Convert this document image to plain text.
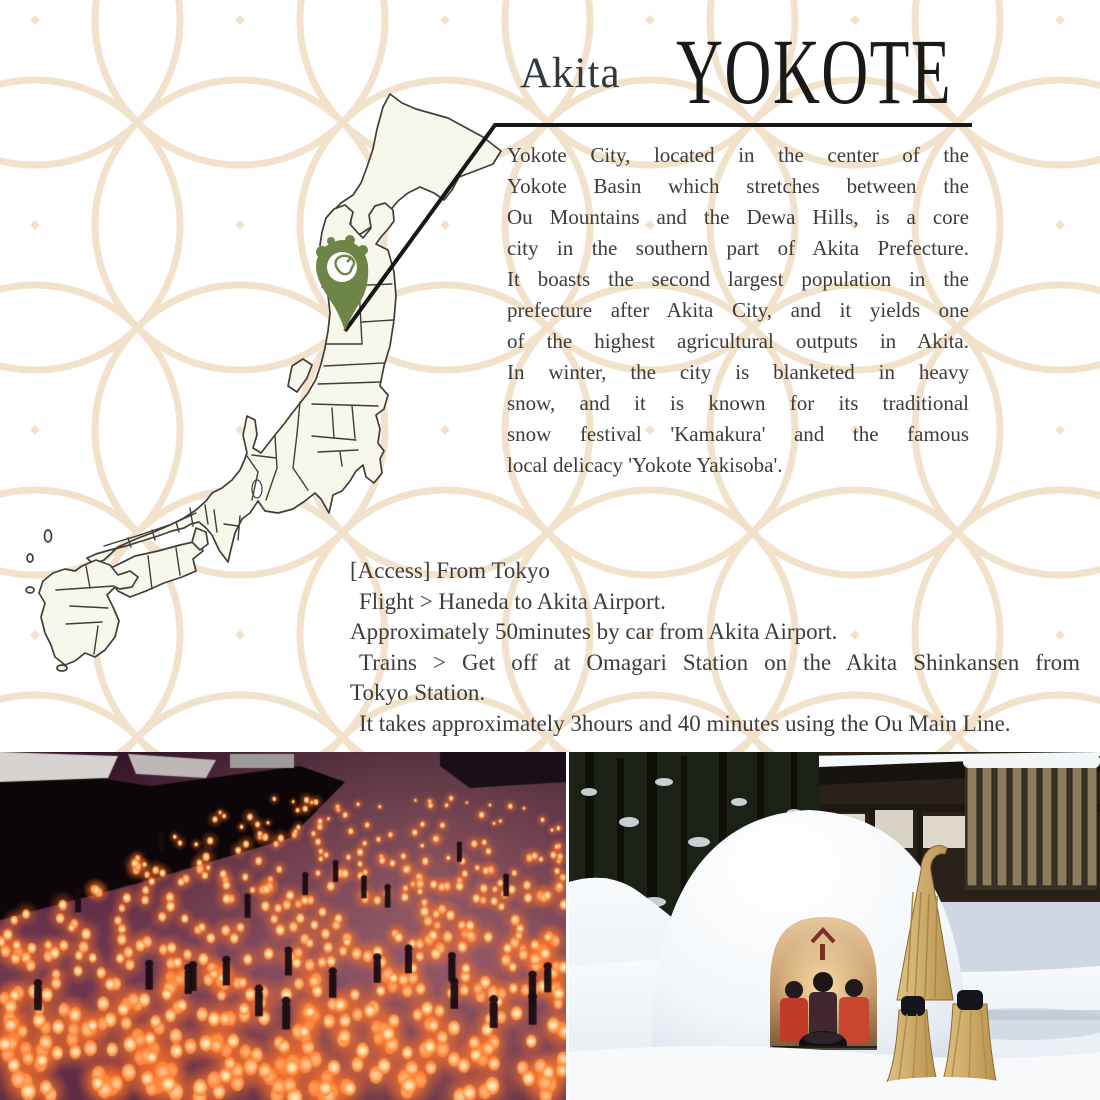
Akita YOKOTE
Yokote City, located in the center of the
Yokote Basin which stretches between the
Ou Mountains and the Dewa Hills, is a core
city in the southern part of Akita Prefecture.
It boasts the second largest population in the
prefecture after Akita City, and it yields one
of the highest agricultural outputs in Akita.
In winter, the city is blanketed in heavy
snow, and it is known for its traditional
snow festival 'Kamakura' and the famous
local delicacy 'Yokote Yakisoba'.
[Access] From Tokyo
Flight > Haneda to Akita Airport.
Approximately 50minutes by car from Akita Airport.
Trains > Get off at Omagari Station on the Akita Shinkansen from
Tokyo Station.
It takes approximately 3hours and 40 minutes using the Ou Main Line.
